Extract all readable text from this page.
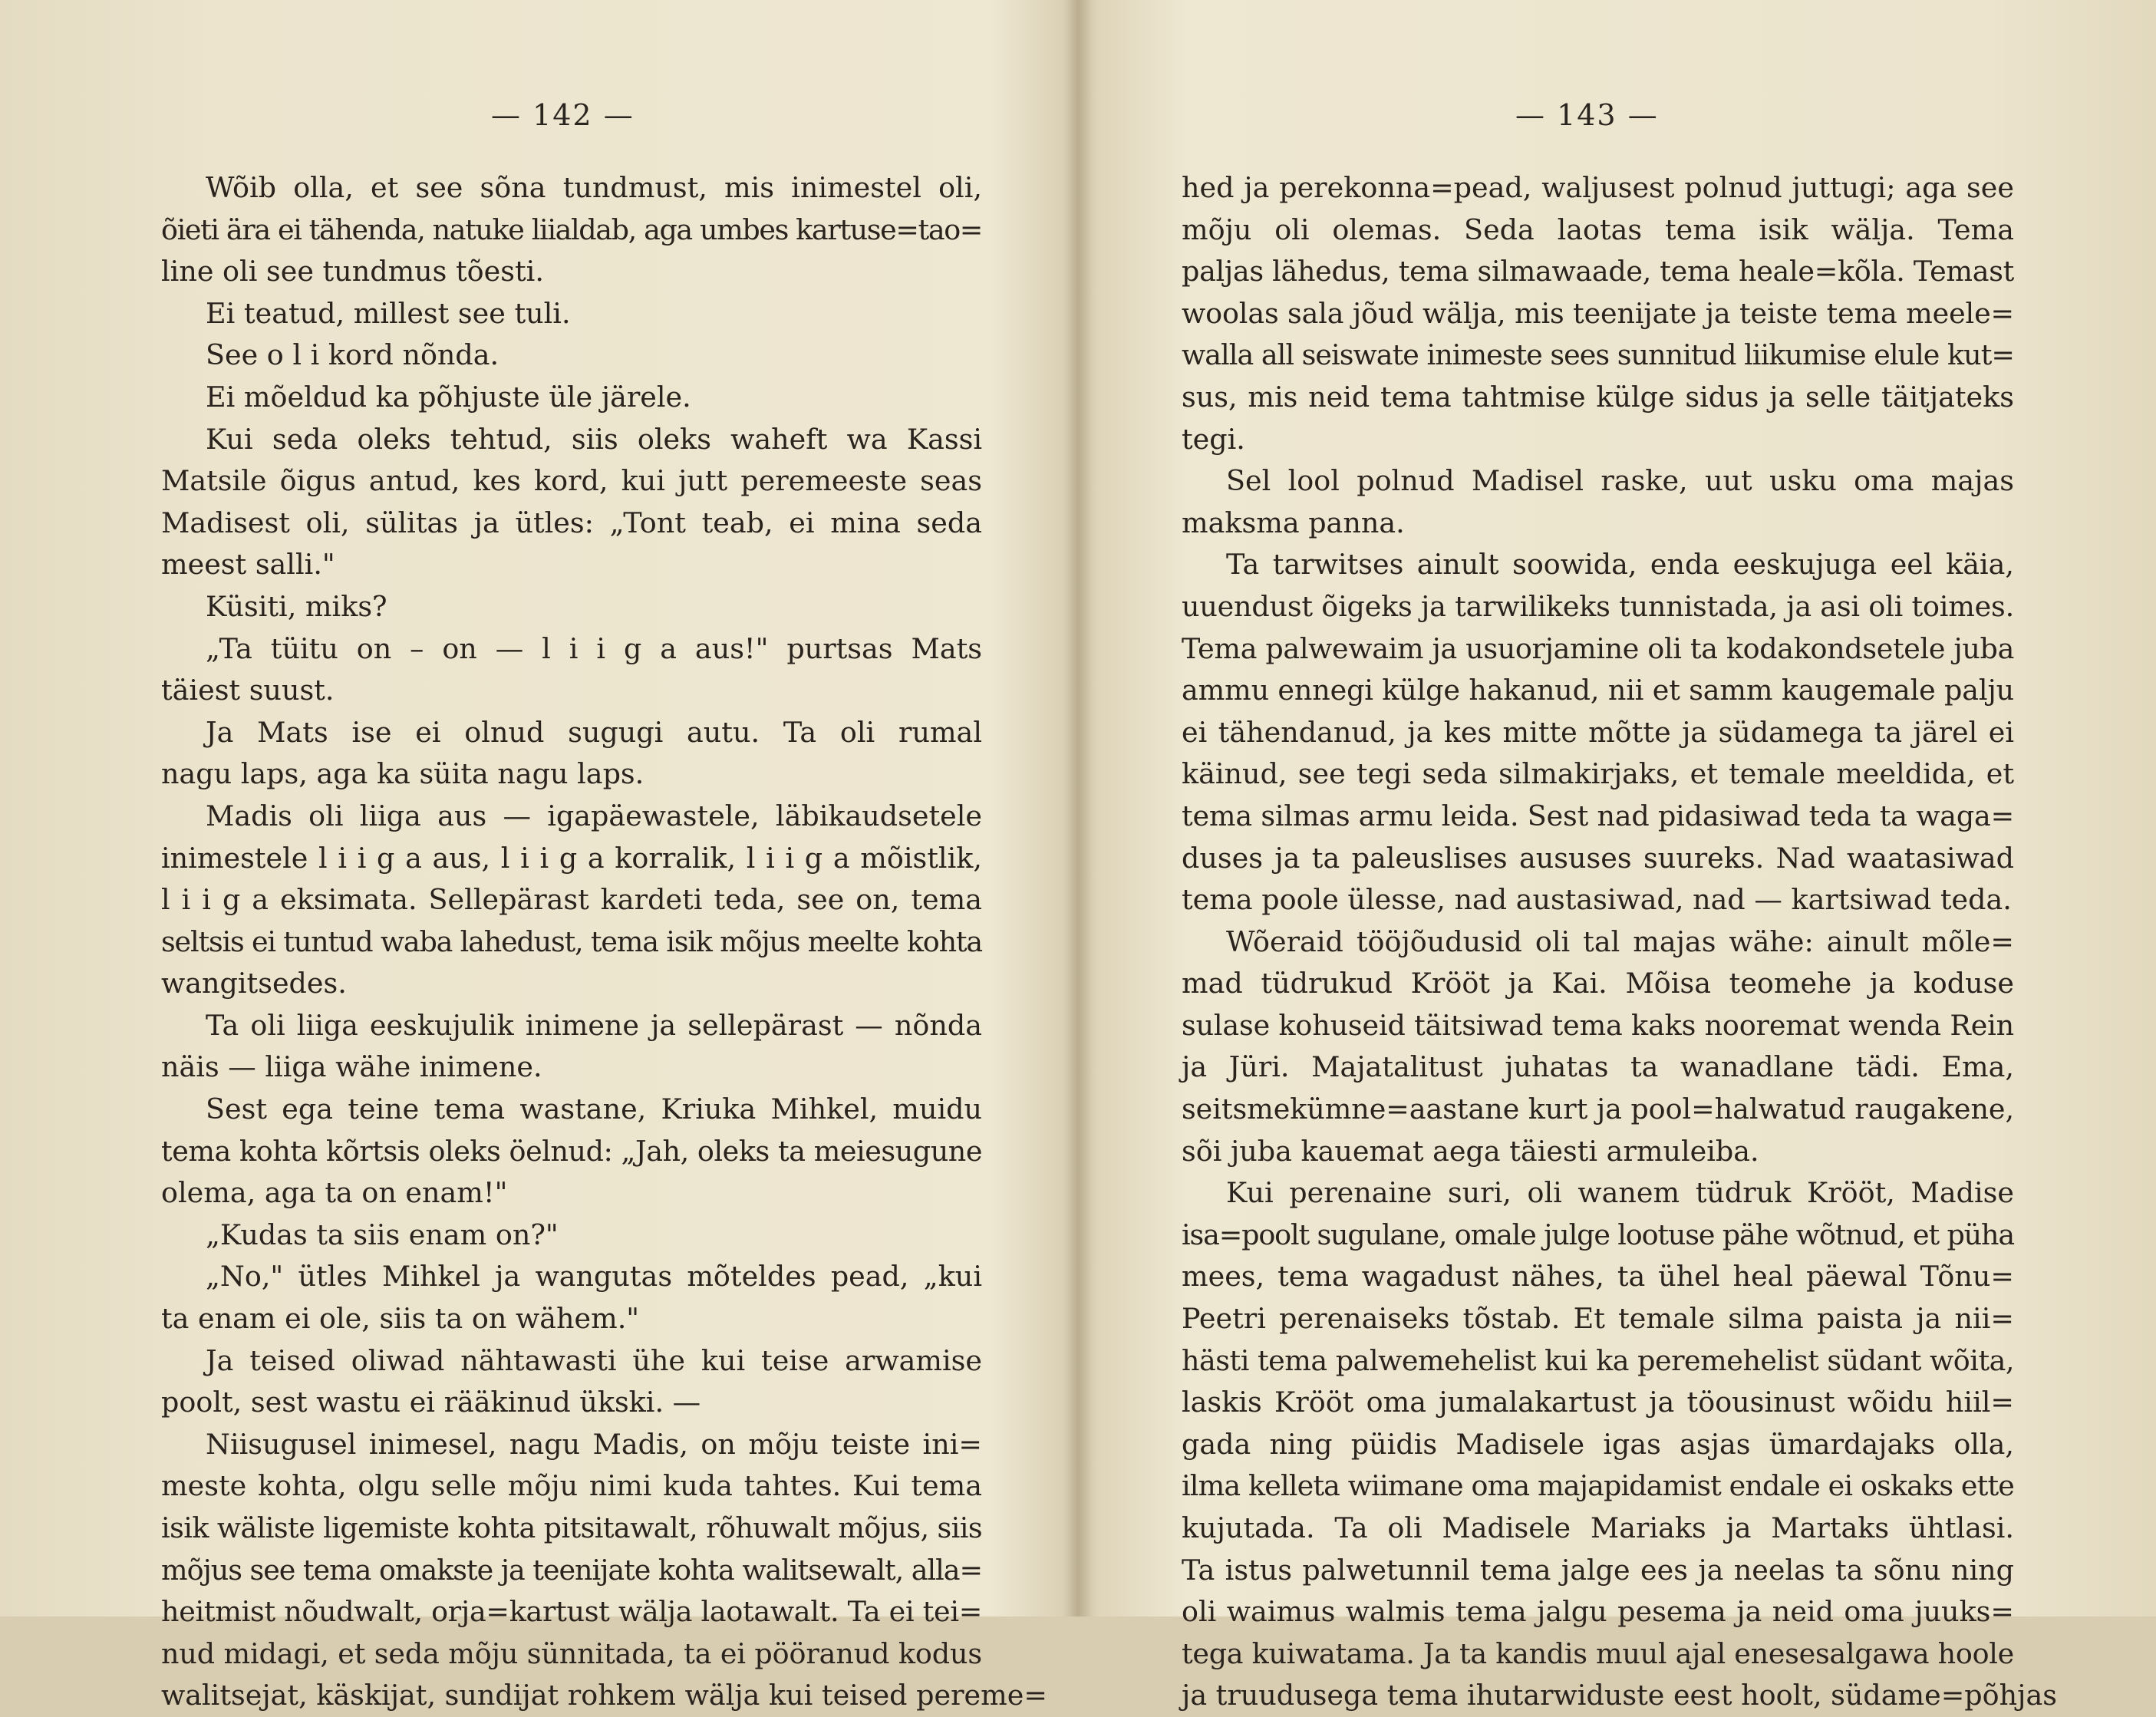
— 142 —
Wõib olla, et see sõna tundmust, mis inimestel oli,
õieti ära ei tähenda, natuke liialdab, aga umbes kartuse=tao=
line oli see tundmus tõesti.
Ei teatud, millest see tuli.
See o l i kord nõnda.
Ei mõeldud ka põhjuste üle järele.
Kui seda oleks tehtud, siis oleks waheft wa Kassi
Matsile õigus antud, kes kord, kui jutt peremeeste seas
Madisest oli, sülitas ja ütles: „Tont teab, ei mina seda
meest salli."
Küsiti, miks?
„Ta tüitu on – on — l i i g a aus!" purtsas Mats
täiest suust.
Ja Mats ise ei olnud sugugi autu. Ta oli rumal
nagu laps, aga ka süita nagu laps.
Madis oli liiga aus — igapäewastele, läbikaudsetele
inimestele l i i g a aus, l i i g a korralik, l i i g a mõistlik,
l i i g a eksimata. Sellepärast kardeti teda, see on, tema
seltsis ei tuntud waba lahedust, tema isik mõjus meelte kohta
wangitsedes.
Ta oli liiga eeskujulik inimene ja sellepärast — nõnda
näis — liiga wähe inimene.
Sest ega teine tema wastane, Kriuka Mihkel, muidu
tema kohta kõrtsis oleks öelnud: „Jah, oleks ta meiesugune
olema, aga ta on enam!"
„Kudas ta siis enam on?"
„No," ütles Mihkel ja wangutas mõteldes pead, „kui
ta enam ei ole, siis ta on wähem."
Ja teised oliwad nähtawasti ühe kui teise arwamise
poolt, sest wastu ei rääkinud ükski. —
Niisugusel inimesel, nagu Madis, on mõju teiste ini=
meste kohta, olgu selle mõju nimi kuda tahtes. Kui tema
isik wäliste ligemiste kohta pitsitawalt, rõhuwalt mõjus, siis
mõjus see tema omakste ja teenijate kohta walitsewalt, alla=
heitmist nõudwalt, orja=kartust wälja laotawalt. Ta ei tei=
nud midagi, et seda mõju sünnitada, ta ei pööranud kodus
walitsejat, käskijat, sundijat rohkem wälja kui teised pereme=
— 143 —
hed ja perekonna=pead, waljusest polnud juttugi; aga see
mõju oli olemas. Seda laotas tema isik wälja. Tema
paljas lähedus, tema silmawaade, tema heale=kõla. Temast
woolas sala jõud wälja, mis teenijate ja teiste tema meele=
walla all seiswate inimeste sees sunnitud liikumise elule kut=
sus, mis neid tema tahtmise külge sidus ja selle täitjateks
tegi.
Sel lool polnud Madisel raske, uut usku oma majas
maksma panna.
Ta tarwitses ainult soowida, enda eeskujuga eel käia,
uuendust õigeks ja tarwilikeks tunnistada, ja asi oli toimes.
Tema palwewaim ja usuorjamine oli ta kodakondsetele juba
ammu ennegi külge hakanud, nii et samm kaugemale palju
ei tähendanud, ja kes mitte mõtte ja südamega ta järel ei
käinud, see tegi seda silmakirjaks, et temale meeldida, et
tema silmas armu leida. Sest nad pidasiwad teda ta waga=
duses ja ta paleuslises aususes suureks. Nad waatasiwad
tema poole ülesse, nad austasiwad, nad — kartsiwad teda.
Wõeraid tööjõudusid oli tal majas wähe: ainult mõle=
mad tüdrukud Krööt ja Kai. Mõisa teomehe ja koduse
sulase kohuseid täitsiwad tema kaks nooremat wenda Rein
ja Jüri. Majatalitust juhatas ta wanadlane tädi. Ema,
seitsmekümne=aastane kurt ja pool=halwatud raugakene,
sõi juba kauemat aega täiesti armuleiba.
Kui perenaine suri, oli wanem tüdruk Krööt, Madise
isa=poolt sugulane, omale julge lootuse pähe wõtnud, et püha
mees, tema wagadust nähes, ta ühel heal päewal Tõnu=
Peetri perenaiseks tõstab. Et temale silma paista ja nii=
hästi tema palwemehelist kui ka peremehelist südant wõita,
laskis Krööt oma jumalakartust ja töousinust wõidu hiil=
gada ning püidis Madisele igas asjas ümardajaks olla,
ilma kelleta wiimane oma majapidamist endale ei oskaks ette
kujutada. Ta oli Madisele Mariaks ja Martaks ühtlasi.
Ta istus palwetunnil tema jalge ees ja neelas ta sõnu ning
oli waimus walmis tema jalgu pesema ja neid oma juuks=
tega kuiwatama. Ja ta kandis muul ajal enesesalgawa hoole
ja truudusega tema ihutarwiduste eest hoolt, südame=põhjas
